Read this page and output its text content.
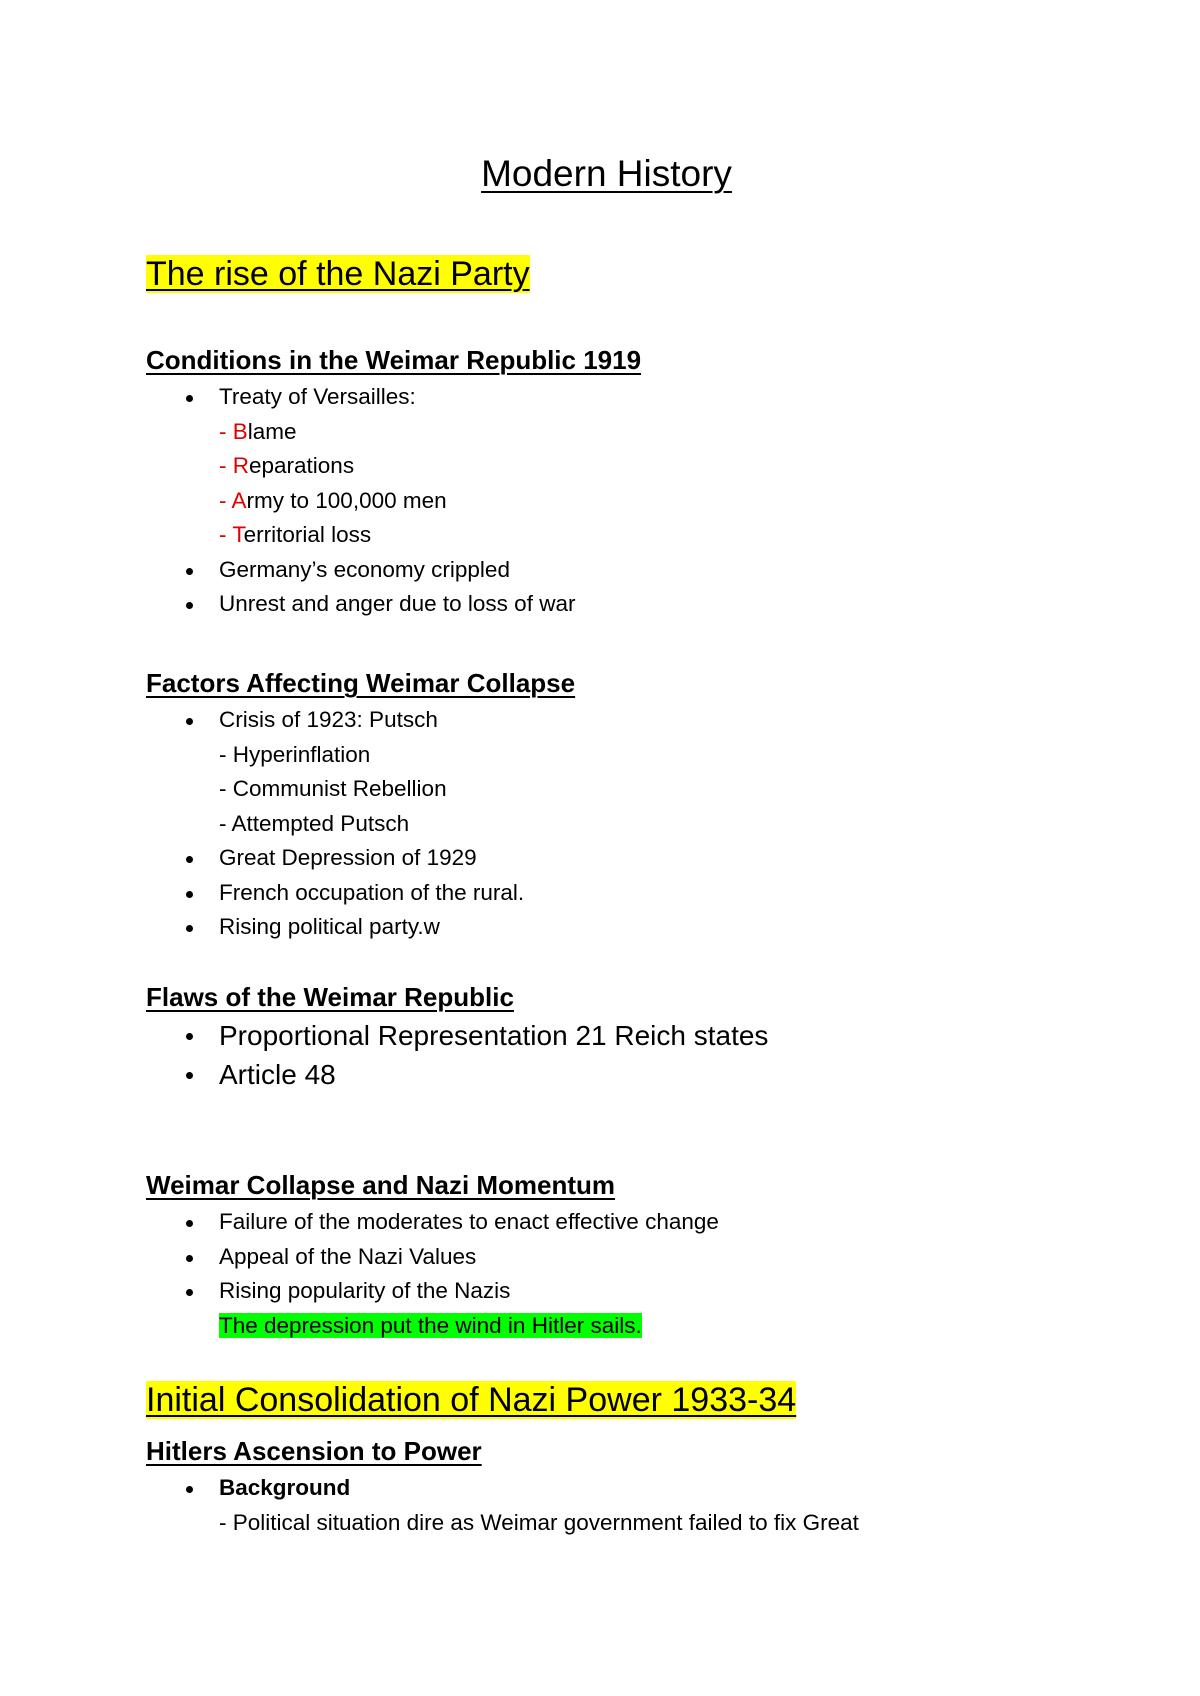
Modern History
The rise of the Nazi Party
Conditions in the Weimar Republic 1919
Treaty of Versailles:
- Blame
- Reparations
- Army to 100,000 men
- Territorial loss
Germany’s economy crippled
Unrest and anger due to loss of war
Factors Affecting Weimar Collapse
Crisis of 1923: Putsch
- Hyperinflation
- Communist Rebellion
- Attempted Putsch
Great Depression of 1929
French occupation of the rural.
Rising political party.w
Flaws of the Weimar Republic
Proportional Representation 21 Reich states
Article 48
Weimar Collapse and Nazi Momentum
Failure of the moderates to enact effective change
Appeal of the Nazi Values
Rising popularity of the Nazis
The depression put the wind in Hitler sails.
Initial Consolidation of Nazi Power 1933-34
Hitlers Ascension to Power
Background
- Political situation dire as Weimar government failed to fix Great
